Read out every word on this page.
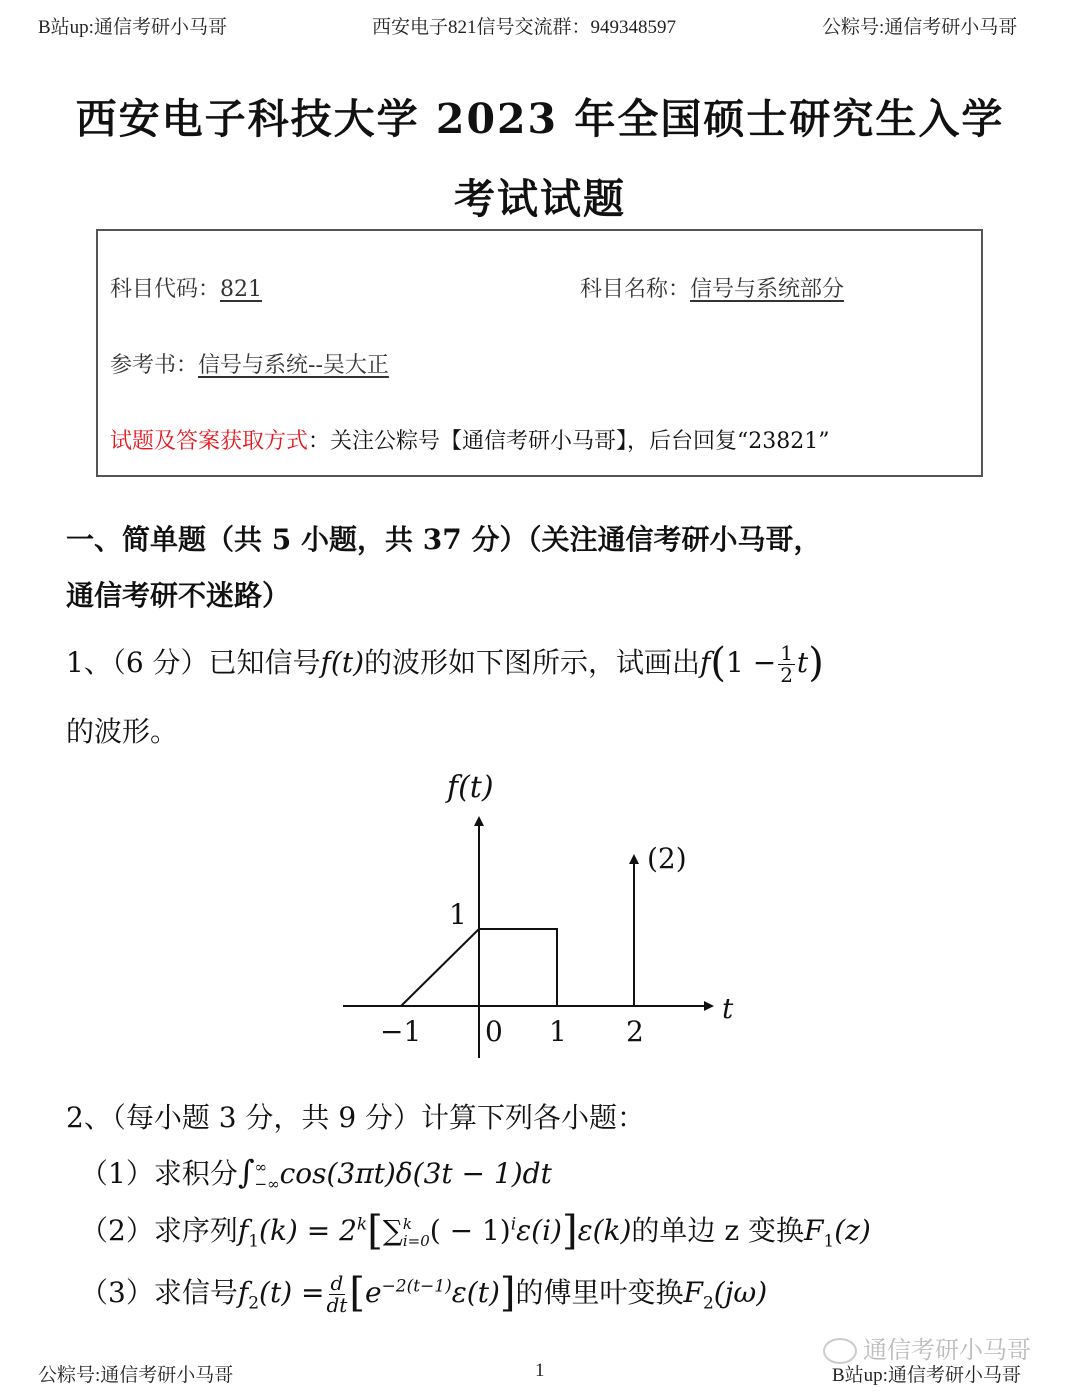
B站up:通信考研小马哥	西安电子821信号交流群：949348597	公粽号:通信考研小马哥
西安电子科技大学 2023 年全国硕士研究生入学
考试试题
科目代码：821	科目名称：信号与系统部分
参考书：信号与系统--吴大正
试题及答案获取方式：关注公粽号【通信考研小马哥】，后台回复“23821”
一、简单题（共 5 小题，共 37 分）（关注通信考研小马哥，
通信考研不迷路）
1、（6 分）已知信号f(t)的波形如下图所示，试画出$f(1 - \frac{1}{2} t)$
的波形。
f(t)
t
1
(2)
−1 0 1 2
2、（每小题 3 分，共 9 分）计算下列各小题：
（1）求积分∫ ∞
−∞ cos(3πt)δ(3t − 1)dt
（2）求序列$f_1(k) = 2^k[\sum$ k
i=0 ( − 1)$^i$ε(i)]ε(k)的单边 z 变换$F_1(z)$
（3）求信号$f_2(t) = \frac{d}{dt} [e^{-2(t-1)}\varepsilon(t)]$的傅里叶变换$F_2(j\omega)$
通信考研小马哥
公粽号:通信考研小马哥	1	B站up:通信考研小马哥
